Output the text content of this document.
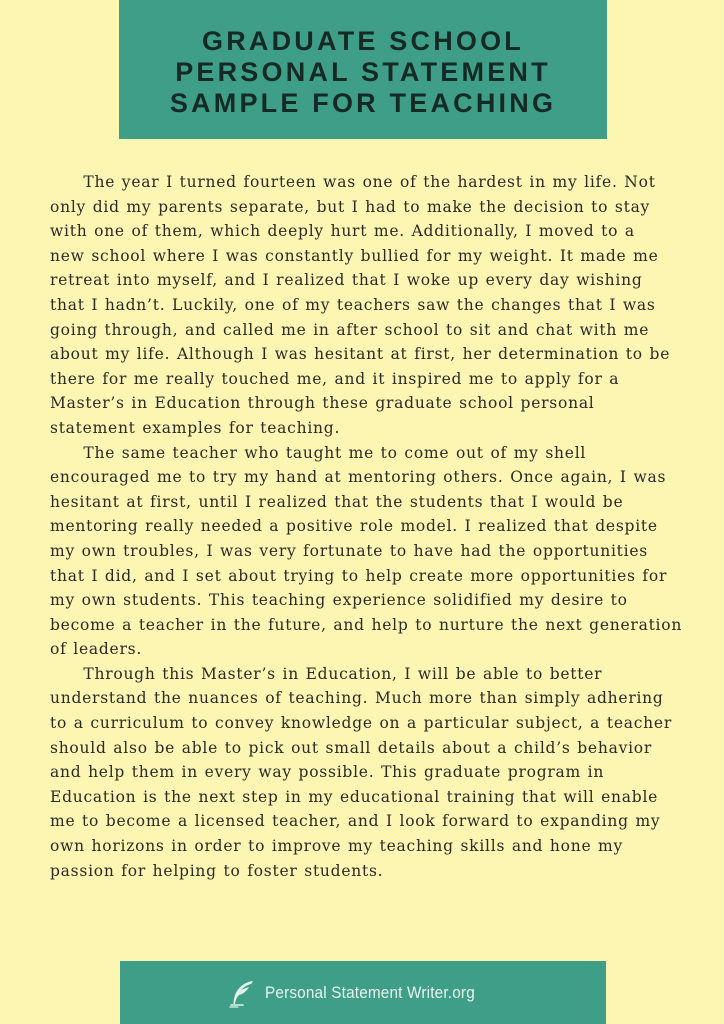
GRADUATE SCHOOL
PERSONAL STATEMENT
SAMPLE FOR TEACHING
The year I turned fourteen was one of the hardest in my life. Not
only did my parents separate, but I had to make the decision to stay
with one of them, which deeply hurt me. Additionally, I moved to a
new school where I was constantly bullied for my weight. It made me
retreat into myself, and I realized that I woke up every day wishing
that I hadn’t. Luckily, one of my teachers saw the changes that I was
going through, and called me in after school to sit and chat with me
about my life. Although I was hesitant at first, her determination to be
there for me really touched me, and it inspired me to apply for a
Master’s in Education through these graduate school personal
statement examples for teaching.
The same teacher who taught me to come out of my shell
encouraged me to try my hand at mentoring others. Once again, I was
hesitant at first, until I realized that the students that I would be
mentoring really needed a positive role model. I realized that despite
my own troubles, I was very fortunate to have had the opportunities
that I did, and I set about trying to help create more opportunities for
my own students. This teaching experience solidified my desire to
become a teacher in the future, and help to nurture the next generation
of leaders.
Through this Master’s in Education, I will be able to better
understand the nuances of teaching. Much more than simply adhering
to a curriculum to convey knowledge on a particular subject, a teacher
should also be able to pick out small details about a child’s behavior
and help them in every way possible. This graduate program in
Education is the next step in my educational training that will enable
me to become a licensed teacher, and I look forward to expanding my
own horizons in order to improve my teaching skills and hone my
passion for helping to foster students.
Personal Statement Writer.org
